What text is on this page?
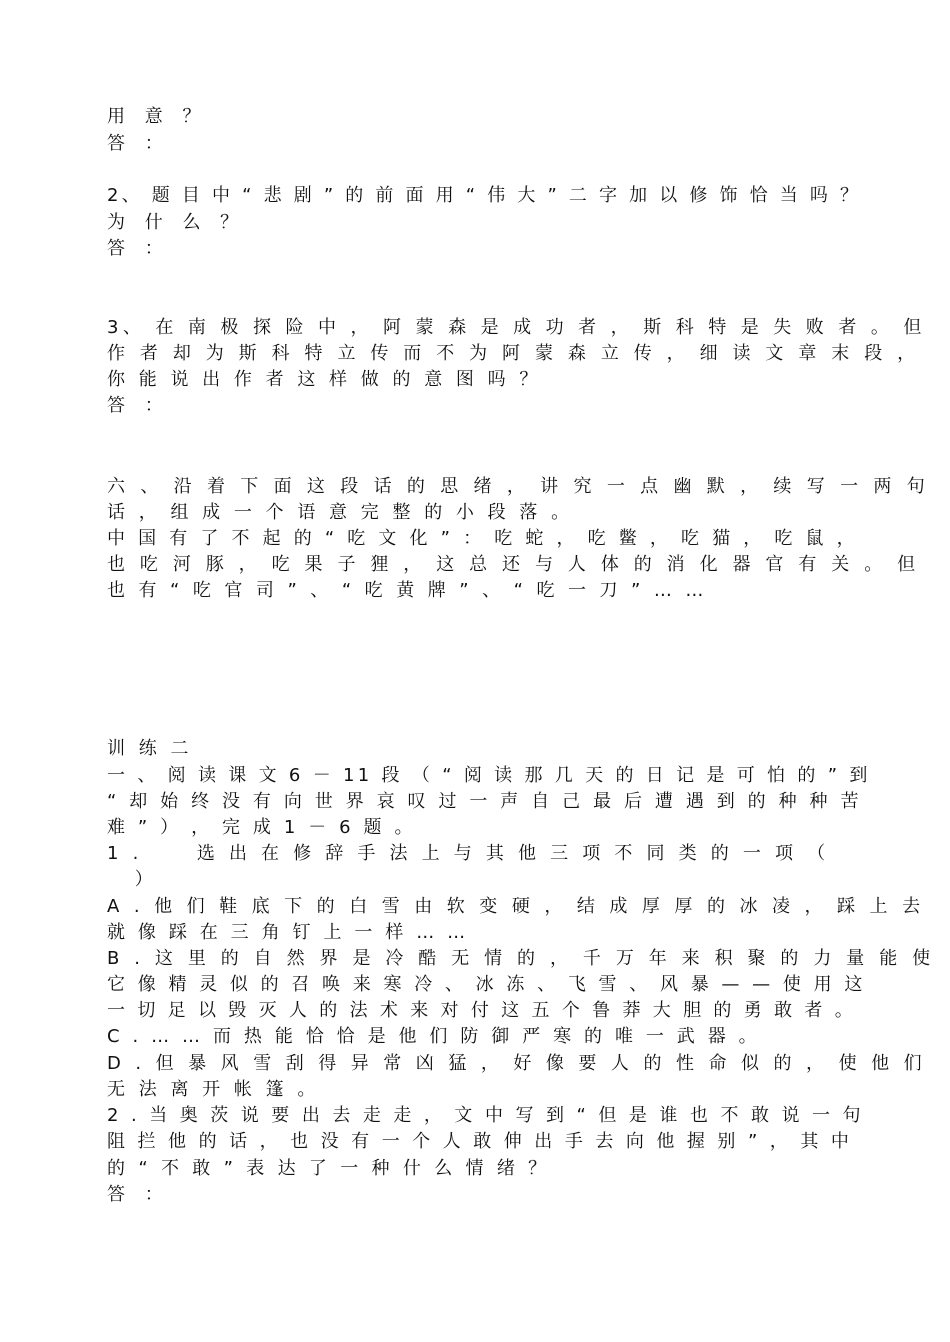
用 意 ？
答 ：
2、 题 目 中 “ 悲 剧 ” 的 前 面 用 “ 伟 大 ” 二 字 加 以 修 饰 恰 当 吗 ？
为 什 么 ？
答 ：
3、 在 南 极 探 险 中 ， 阿 蒙 森 是 成 功 者 ， 斯 科 特 是 失 败 者 。 但
作 者 却 为 斯 科 特 立 传 而 不 为 阿 蒙 森 立 传 ， 细 读 文 章 末 段 ，
你 能 说 出 作 者 这 样 做 的 意 图 吗 ？
答 ：
六 、 沿 着 下 面 这 段 话 的 思 绪 ， 讲 究 一 点 幽 默 ， 续 写 一 两 句
话 ， 组 成 一 个 语 意 完 整 的 小 段 落 。
中 国 有 了 不 起 的 “ 吃 文 化 ” ： 吃 蛇 ， 吃 鳖 ， 吃 猫 ， 吃 鼠 ，
也 吃 河 豚 ， 吃 果 子 狸 ， 这 总 还 与 人 体 的 消 化 器 官 有 关 。 但
也 有 “ 吃 官 司 ” 、 “ 吃 黄 牌 ” 、 “ 吃 一 刀 ” … …
训 练 二
一 、 阅 读 课 文 6 － 11 段 （ “ 阅 读 那 几 天 的 日 记 是 可 怕 的 ” 到
“ 却 始 终 没 有 向 世 界 哀 叹 过 一 声 自 己 最 后 遭 遇 到 的 种 种 苦
难 ” ） ， 完 成 1 － 6 题 。
1 .　　 选 出 在 修 辞 手 法 上 与 其 他 三 项 不 同 类 的 一 项 （
　 ）
A . 他 们 鞋 底 下 的 白 雪 由 软 变 硬 ， 结 成 厚 厚 的 冰 凌 ， 踩 上 去
就 像 踩 在 三 角 钉 上 一 样 … …
B . 这 里 的 自 然 界 是 冷 酷 无 情 的 ， 千 万 年 来 积 聚 的 力 量 能 使
它 像 精 灵 似 的 召 唤 来 寒 冷 、 冰 冻 、 飞 雪 、 风 暴 — — 使 用 这
一 切 足 以 毁 灭 人 的 法 术 来 对 付 这 五 个 鲁 莽 大 胆 的 勇 敢 者 。
C . … … 而 热 能 恰 恰 是 他 们 防 御 严 寒 的 唯 一 武 器 。
D . 但 暴 风 雪 刮 得 异 常 凶 猛 ， 好 像 要 人 的 性 命 似 的 ， 使 他 们
无 法 离 开 帐 篷 。
2 . 当 奥 茨 说 要 出 去 走 走 ， 文 中 写 到 “ 但 是 谁 也 不 敢 说 一 句
阻 拦 他 的 话 ， 也 没 有 一 个 人 敢 伸 出 手 去 向 他 握 别 ” ， 其 中
的 “ 不 敢 ” 表 达 了 一 种 什 么 情 绪 ？
答 ：
